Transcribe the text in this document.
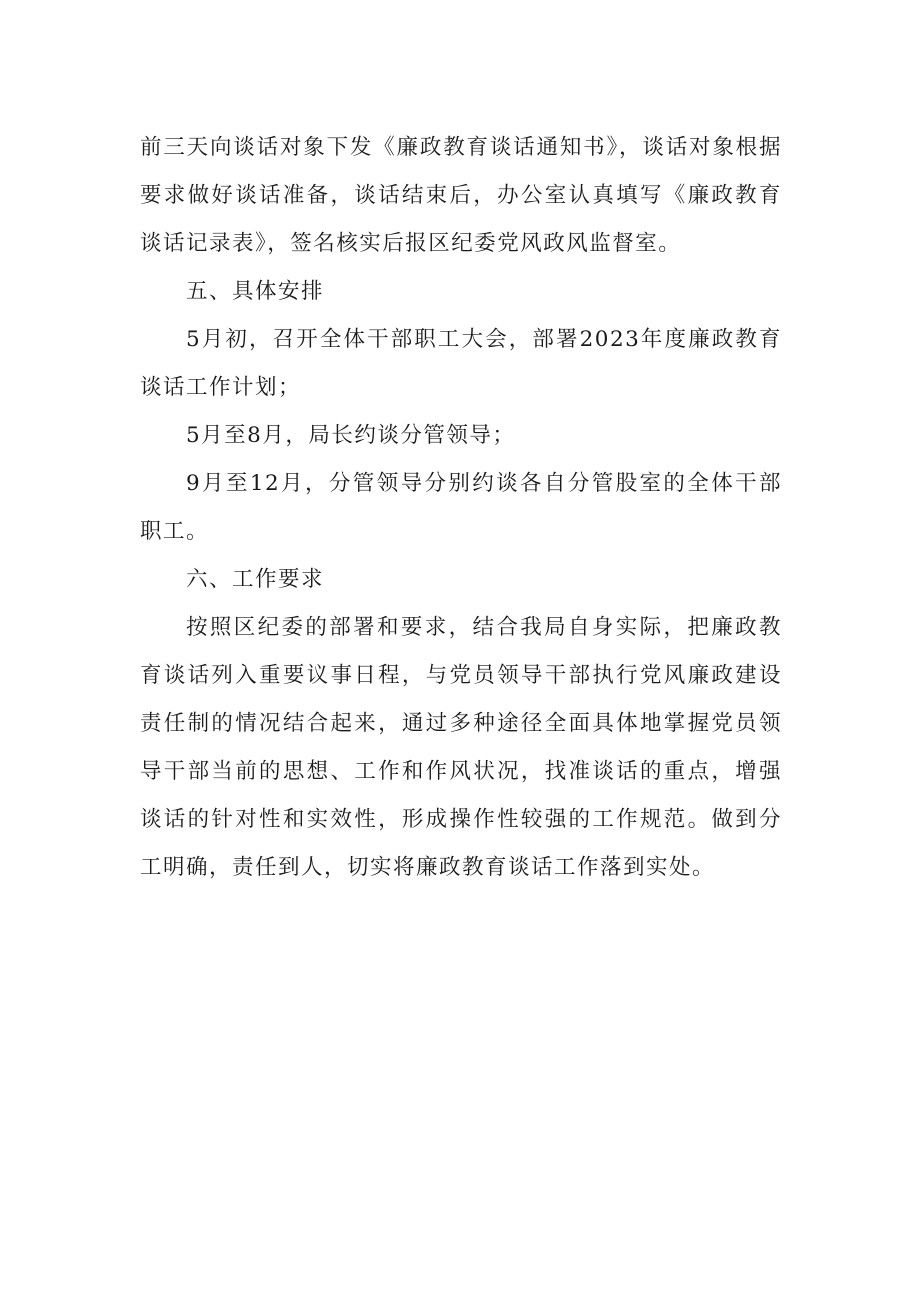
前三天向谈话对象下发《廉政教育谈话通知书》，谈话对象根据要求做好谈话准备，谈话结束后，办公室认真填写《廉政教育谈话记录表》，签名核实后报区纪委党风政风监督室。

五、具体安排

5月初，召开全体干部职工大会，部署2023年度廉政教育谈话工作计划；

5月至8月，局长约谈分管领导；

9月至12月，分管领导分别约谈各自分管股室的全体干部职工。

六、工作要求

按照区纪委的部署和要求，结合我局自身实际，把廉政教育谈话列入重要议事日程，与党员领导干部执行党风廉政建设责任制的情况结合起来，通过多种途径全面具体地掌握党员领导干部当前的思想、工作和作风状况，找准谈话的重点，增强谈话的针对性和实效性，形成操作性较强的工作规范。做到分工明确，责任到人，切实将廉政教育谈话工作落到实处。
